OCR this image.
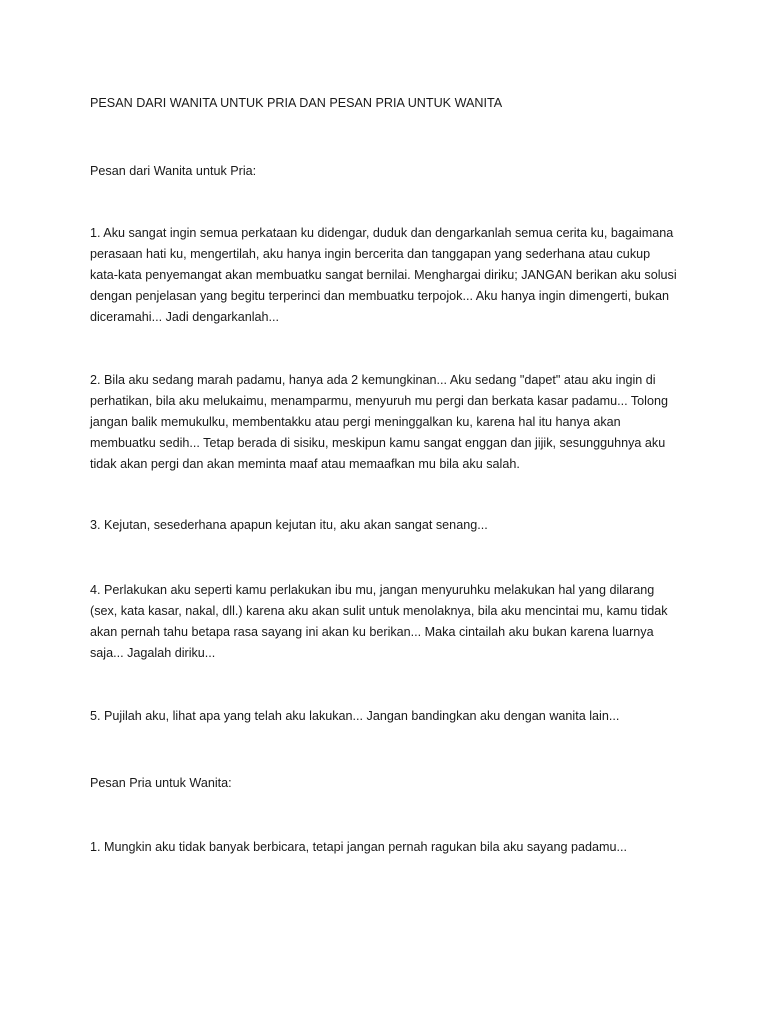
PESAN DARI WANITA UNTUK PRIA DAN PESAN PRIA UNTUK WANITA

Pesan dari Wanita untuk Pria:

1. Aku sangat ingin semua perkataan ku didengar, duduk dan dengarkanlah semua cerita ku, bagaimana
perasaan hati ku, mengertilah, aku hanya ingin bercerita dan tanggapan yang sederhana atau cukup
kata-kata penyemangat akan membuatku sangat bernilai. Menghargai diriku; JANGAN berikan aku solusi
dengan penjelasan yang begitu terperinci dan membuatku terpojok... Aku hanya ingin dimengerti, bukan
diceramahi... Jadi dengarkanlah...

2. Bila aku sedang marah padamu, hanya ada 2 kemungkinan... Aku sedang "dapet" atau aku ingin di
perhatikan, bila aku melukaimu, menamparmu, menyuruh mu pergi dan berkata kasar padamu... Tolong
jangan balik memukulku, membentakku atau pergi meninggalkan ku, karena hal itu hanya akan
membuatku sedih... Tetap berada di sisiku, meskipun kamu sangat enggan dan jijik, sesungguhnya aku
tidak akan pergi dan akan meminta maaf atau memaafkan mu bila aku salah.

3. Kejutan, sesederhana apapun kejutan itu, aku akan sangat senang...

4. Perlakukan aku seperti kamu perlakukan ibu mu, jangan menyuruhku melakukan hal yang dilarang
(sex, kata kasar, nakal, dll.) karena aku akan sulit untuk menolaknya, bila aku mencintai mu, kamu tidak
akan pernah tahu betapa rasa sayang ini akan ku berikan... Maka cintailah aku bukan karena luarnya
saja... Jagalah diriku...

5. Pujilah aku, lihat apa yang telah aku lakukan... Jangan bandingkan aku dengan wanita lain...

Pesan Pria untuk Wanita:

1. Mungkin aku tidak banyak berbicara, tetapi jangan pernah ragukan bila aku sayang padamu...
